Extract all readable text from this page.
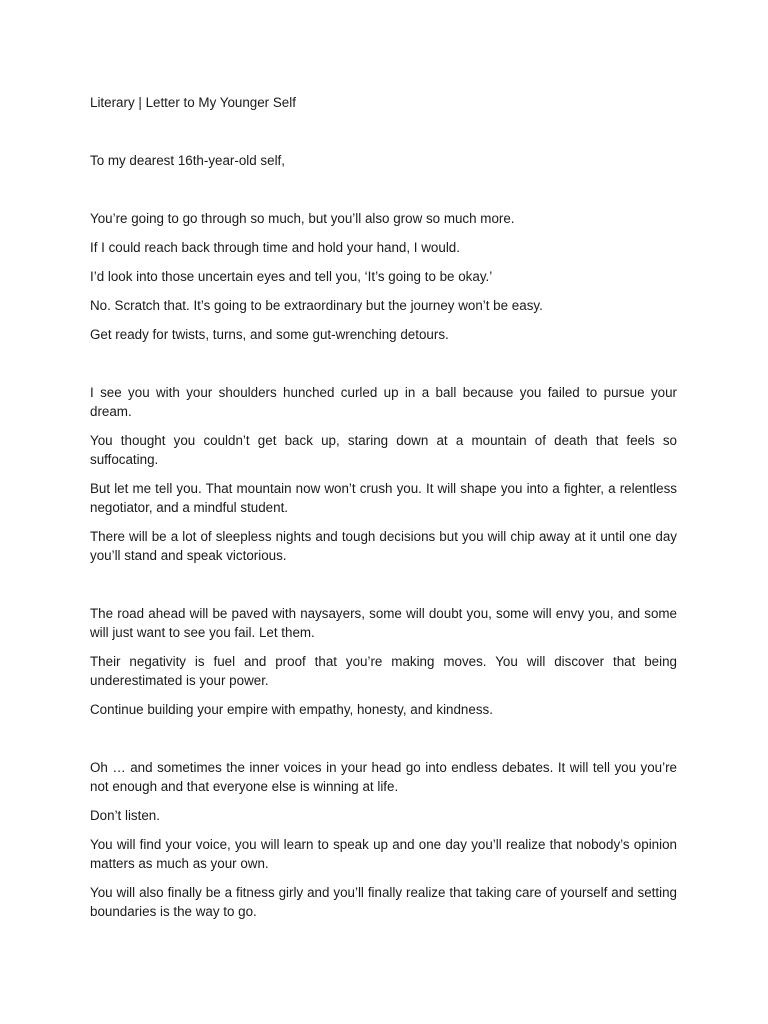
Literary | Letter to My Younger Self

To my dearest 16th-year-old self,

You’re going to go through so much, but you’ll also grow so much more.

If I could reach back through time and hold your hand, I would.

I’d look into those uncertain eyes and tell you, ‘It’s going to be okay.’

No. Scratch that. It’s going to be extraordinary but the journey won’t be easy.

Get ready for twists, turns, and some gut-wrenching detours.

I see you with your shoulders hunched curled up in a ball because you failed to pursue your dream.

You thought you couldn’t get back up, staring down at a mountain of death that feels so suffocating.

But let me tell you. That mountain now won’t crush you. It will shape you into a fighter, a relentless negotiator, and a mindful student.

There will be a lot of sleepless nights and tough decisions but you will chip away at it until one day you’ll stand and speak victorious.

The road ahead will be paved with naysayers, some will doubt you, some will envy you, and some will just want to see you fail. Let them.

Their negativity is fuel and proof that you’re making moves. You will discover that being underestimated is your power.

Continue building your empire with empathy, honesty, and kindness.

Oh … and sometimes the inner voices in your head go into endless debates. It will tell you you’re not enough and that everyone else is winning at life.

Don’t listen.

You will find your voice, you will learn to speak up and one day you’ll realize that nobody’s opinion matters as much as your own.

You will also finally be a fitness girly and you’ll finally realize that taking care of yourself and setting boundaries is the way to go.
